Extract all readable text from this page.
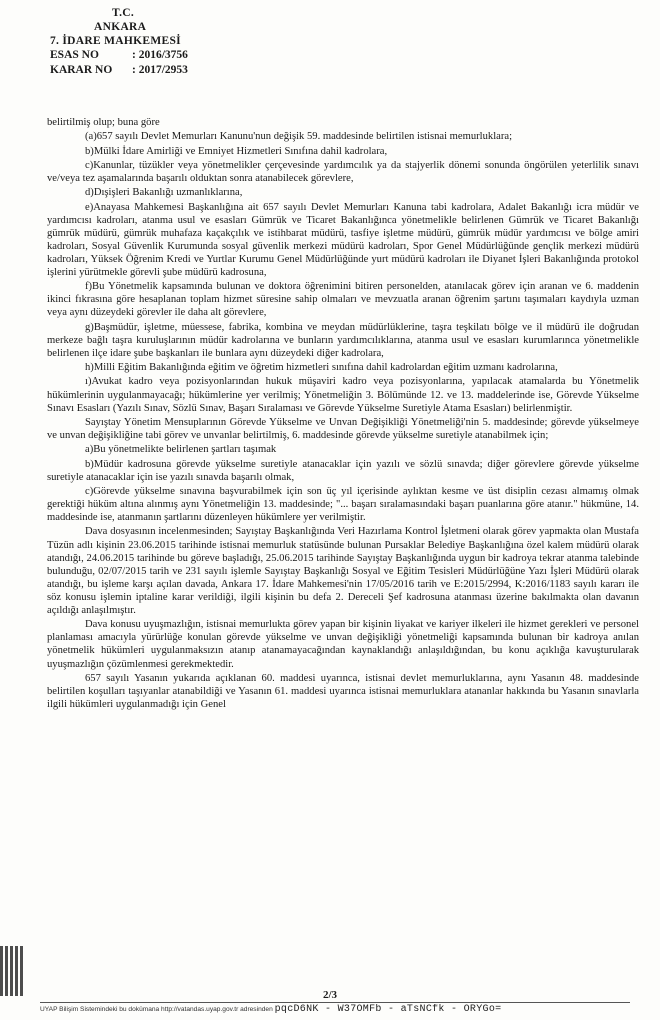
T.C.
ANKARA
7. İDARE MAHKEMESİ
ESAS NO	: 2016/3756
KARAR NO	: 2017/2953

belirtilmiş olup; buna göre

(a)657 sayılı Devlet Memurları Kanunu'nun değişik 59. maddesinde belirtilen istisnai memurluklara;

b)Mülki İdare Amirliği ve Emniyet Hizmetleri Sınıfına dahil kadrolara,

c)Kanunlar, tüzükler veya yönetmelikler çerçevesinde yardımcılık ya da stajyerlik dönemi sonunda öngörülen yeterlilik sınavı ve/veya tez aşamalarında başarılı olduktan sonra atanabilecek görevlere,

d)Dışişleri Bakanlığı uzmanlıklarına,

e)Anayasa Mahkemesi Başkanlığına ait 657 sayılı Devlet Memurları Kanuna tabi kadrolara, Adalet Bakanlığı icra müdür ve yardımcısı kadroları, atanma usul ve esasları Gümrük ve Ticaret Bakanlığınca yönetmelikle belirlenen Gümrük ve Ticaret Bakanlığı gümrük müdürü, gümrük muhafaza kaçakçılık ve istihbarat müdürü, tasfiye işletme müdürü, gümrük müdür yardımcısı ve bölge amiri kadroları, Sosyal Güvenlik Kurumunda sosyal güvenlik merkezi müdürü kadroları, Spor Genel Müdürlüğünde gençlik merkezi müdürü kadroları, Yüksek Öğrenim Kredi ve Yurtlar Kurumu Genel Müdürlüğünde yurt müdürü kadroları ile Diyanet İşleri Bakanlığında protokol işlerini yürütmekle görevli şube müdürü kadrosuna,

f)Bu Yönetmelik kapsamında bulunan ve doktora öğrenimini bitiren personelden, atanılacak görev için aranan ve 6. maddenin ikinci fıkrasına göre hesaplanan toplam hizmet süresine sahip olmaları ve mevzuatla aranan öğrenim şartını taşımaları kaydıyla uzman veya aynı düzeydeki görevler ile daha alt görevlere,

g)Başmüdür, işletme, müessese, fabrika, kombina ve meydan müdürlüklerine, taşra teşkilatı bölge ve il müdürü ile doğrudan merkeze bağlı taşra kuruluşlarının müdür kadrolarına ve bunların yardımcılıklarına, atanma usul ve esasları kurumlarınca yönetmelikle belirlenen ilçe idare şube başkanları ile bunlara aynı düzeydeki diğer kadrolara,

h)Milli Eğitim Bakanlığında eğitim ve öğretim hizmetleri sınıfına dahil kadrolardan eğitim uzmanı kadrolarına,

ı)Avukat kadro veya pozisyonlarından hukuk müşaviri kadro veya pozisyonlarına, yapılacak atamalarda bu Yönetmelik hükümlerinin uygulanmayacağı; hükümlerine yer verilmiş; Yönetmeliğin 3. Bölümünde 12. ve 13. maddelerinde ise, Görevde Yükselme Sınavı Esasları (Yazılı Sınav, Sözlü Sınav, Başarı Sıralaması ve Görevde Yükselme Suretiyle Atama Esasları) belirlenmiştir.

Sayıştay Yönetim Mensuplarının Görevde Yükselme ve Unvan Değişikliği Yönetmeliği'nin 5. maddesinde; görevde yükselmeye ve unvan değişikliğine tabi görev ve unvanlar belirtilmiş, 6. maddesinde görevde yükselme suretiyle atanabilmek için;

a)Bu yönetmelikte belirlenen şartları taşımak

b)Müdür kadrosuna görevde yükselme suretiyle atanacaklar için yazılı ve sözlü sınavda; diğer görevlere görevde yükselme suretiyle atanacaklar için ise yazılı sınavda başarılı olmak,

c)Görevde yükselme sınavına başvurabilmek için son üç yıl içerisinde aylıktan kesme ve üst disiplin cezası almamış olmak gerektiği hüküm altına alınmış aynı Yönetmeliğin 13. maddesinde; "... başarı sıralamasındaki başarı puanlarına göre atanır." hükmüne, 14. maddesinde ise, atanmanın şartlarını düzenleyen hükümlere yer verilmiştir.

Dava dosyasının incelenmesinden; Sayıştay Başkanlığında Veri Hazırlama Kontrol İşletmeni olarak görev yapmakta olan Mustafa Tüzün adlı kişinin 23.06.2015 tarihinde istisnai memurluk statüsünde bulunan Pursaklar Belediye Başkanlığına özel kalem müdürü olarak atandığı, 24.06.2015 tarihinde bu göreve başladığı, 25.06.2015 tarihinde Sayıştay Başkanlığında uygun bir kadroya tekrar atanma talebinde bulunduğu, 02/07/2015 tarih ve 231 sayılı işlemle Sayıştay Başkanlığı Sosyal ve Eğitim Tesisleri Müdürlüğüne Yazı İşleri Müdürü olarak atandığı, bu işleme karşı açılan davada, Ankara 17. İdare Mahkemesi'nin 17/05/2016 tarih ve E:2015/2994, K:2016/1183 sayılı kararı ile söz konusu işlemin iptaline karar verildiği, ilgili kişinin bu defa 2. Dereceli Şef kadrosuna atanması üzerine bakılmakta olan davanın açıldığı anlaşılmıştır.

Dava konusu uyuşmazlığın, istisnai memurlukta görev yapan bir kişinin liyakat ve kariyer ilkeleri ile hizmet gerekleri ve personel planlaması amacıyla yürürlüğe konulan görevde yükselme ve unvan değişikliği yönetmeliği kapsamında bulunan bir kadroya anılan yönetmelik hükümleri uygulanmaksızın atanıp atanamayacağından kaynaklandığı anlaşıldığından, bu konu açıklığa kavuşturularak uyuşmazlığın çözümlenmesi gerekmektedir.

657 sayılı Yasanın yukarıda açıklanan 60. maddesi uyarınca, istisnai devlet memurluklarına, aynı Yasanın 48. maddesinde belirtilen koşulları taşıyanlar atanabildiği ve Yasanın 61. maddesi uyarınca istisnai memurluklara atananlar hakkında bu Yasanın sınavlarla ilgili hükümleri uygulanmadığı için Genel

2/3
UYAP Bilişim Sistemindeki bu dokümana http://vatandas.uyap.gov.tr adresinden pqcD6NK - W37OMFb - aTsNCfk - ORYGo=
